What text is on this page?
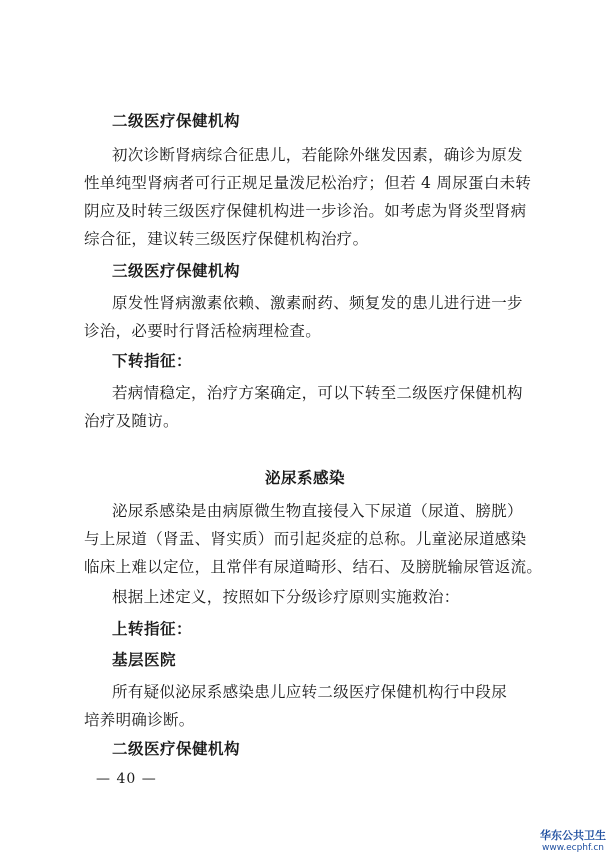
二级医疗保健机构
初次诊断肾病综合征患儿，若能除外继发因素，确诊为原发
性单纯型肾病者可行正规足量泼尼松治疗；但若 4 周尿蛋白未转
阴应及时转三级医疗保健机构进一步诊治。如考虑为肾炎型肾病
综合征，建议转三级医疗保健机构治疗。
三级医疗保健机构
原发性肾病激素依赖、激素耐药、频复发的患儿进行进一步
诊治，必要时行肾活检病理检查。
下转指征：
若病情稳定，治疗方案确定，可以下转至二级医疗保健机构
治疗及随访。
泌尿系感染
泌尿系感染是由病原微生物直接侵入下尿道（尿道、膀胱）
与上尿道（肾盂、肾实质）而引起炎症的总称。儿童泌尿道感染
临床上难以定位，且常伴有尿道畸形、结石、及膀胱输尿管返流。
根据上述定义，按照如下分级诊疗原则实施救治：
上转指征：
基层医院
所有疑似泌尿系感染患儿应转二级医疗保健机构行中段尿
培养明确诊断。
二级医疗保健机构
— 40 —
华东公共卫生
www.ecphf.cn
